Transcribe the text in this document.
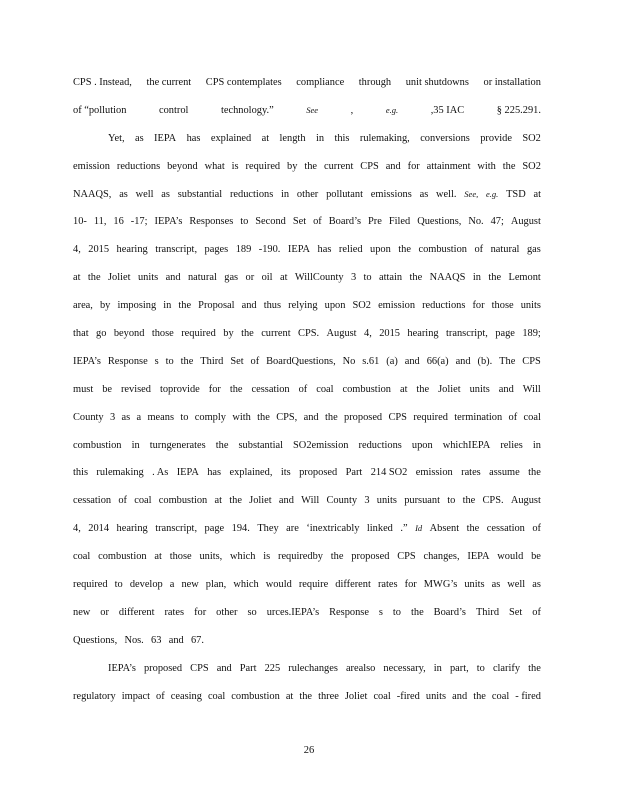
CPS . Instead, the current CPS contemplates compliance through unit shutdowns or installation
of “pollution	control	technology.”	See	,	e.g.	,35 IAC	§ 225.291.
Yet, as IEPA has explained at length in this rulemaking, conversions provide SO2
emission reductions beyond what is required by the current CPS and for attainment with the SO2
NAAQS, as well as substantial reductions in other pollutant emissions as well. See, e.g. TSD at
10- 11, 16 -17; IEPA’s Responses to Second Set of Board’s Pre Filed Questions, No. 47; August
4, 2015 hearing transcript, pages 189 -190. IEPA has relied upon the combustion of natural gas
at the Joliet units and natural gas or oil at WillCounty 3 to attain the NAAQS in the Lemont
area, by imposing in the Proposal and thus relying upon SO2 emission reductions for those units
that go beyond those required by the current CPS. August 4, 2015 hearing transcript, page 189;
IEPA’s Response s to the Third Set of BoardQuestions, No s.61 (a) and 66(a) and (b). The CPS
must be revised toprovide for the cessation of coal combustion at the Joliet units and Will
County 3 as a means to comply with the CPS, and the proposed CPS required termination of coal
combustion in turngenerates the substantial SO2emission reductions upon whichIEPA relies in
this rulemaking . As IEPA has explained, its proposed Part 214 SO2 emission rates assume the
cessation of coal combustion at the Joliet and Will County 3 units pursuant to the CPS. August
4, 2014 hearing transcript, page 194. They are ‘inextricably linked .” Id Absent the cessation of
coal combustion at those units, which is requiredby the proposed CPS changes, IEPA would be
required to develop a new plan, which would require different rates for MWG’s units as well as
new or different rates for other so urces.IEPA’s Response s to the Board’s Third Set of
Questions, Nos. 63 and 67.
IEPA’s proposed CPS and Part 225 rulechanges arealso necessary, in part, to clarify the
regulatory impact of ceasing coal combustion at the three Joliet coal -fired units and the coal - fired
26
